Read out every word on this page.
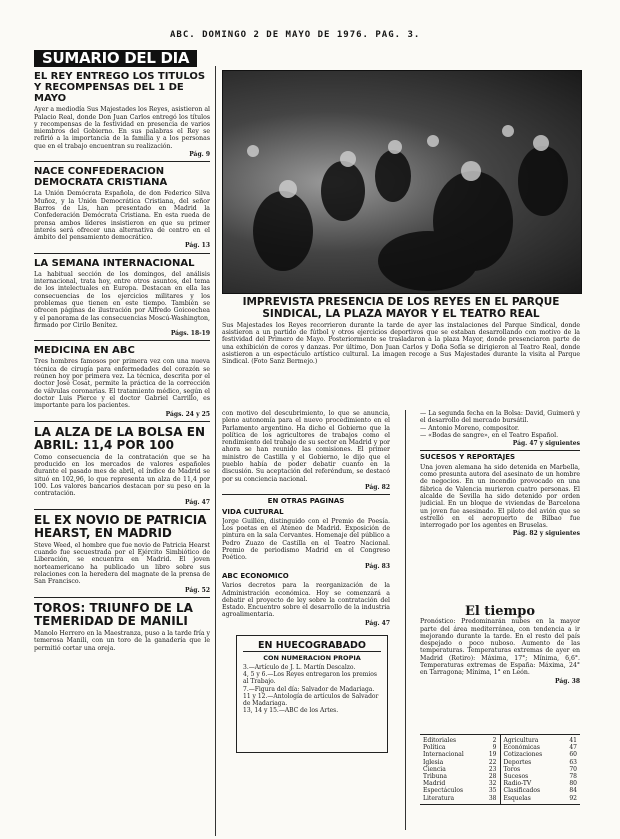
ABC. DOMINGO 2 DE MAYO DE 1976. PAG. 3.
SUMARIO DEL DIA
EL REY ENTREGO LOS TITULOS Y RECOMPENSAS DEL 1 DE MAYO

Ayer a mediodía Sus Majestades los Reyes, asistieron al Palacio Real, donde Don Juan Carlos entregó los títulos y recompensas de la festividad en presencia de varios miembros del Gobierno. En sus palabras el Rey se refirió a la importancia de la familia y a los personas que en el trabajo encuentran su realización.

Pág. 9
NACE CONFEDERACION DEMOCRATA CRISTIANA

La Unión Demócrata Española, de don Federico Silva Muñoz, y la Unión Democrática Cristiana, del señor Barros de Lis, han presentado en Madrid la Confederación Demócrata Cristiana. En esta rueda de prensa ambos líderes insistieron en que su primer interés será ofrecer una alternativa de centro en el ámbito del pensamiento democrático.

Pág. 13
LA SEMANA INTERNACIONAL

La habitual sección de los domingos, del análisis internacional, trata hoy, entre otros asuntos, del tema de los intelectuales en Europa. Destacan en ella las consecuencias de los ejercicios militares y los problemas que tienen en este tiempo. También se ofrecen páginas de ilustración por Alfredo Goicoechea y el panorama de las consecuencias Moscú-Washington, firmado por Cirilo Benítez.

Págs. 18-19
MEDICINA EN ABC

Tres hombres famosos por primera vez con una nueva técnica de cirugía para enfermedades del corazón se reúnen hoy por primera vez. La técnica, descrita por el doctor José Cosat, permite la práctica de la corrección de válvulas coronarias. El tratamiento médico, según el doctor Luis Pierce y el doctor Gabriel Carrillo, es importante para los pacientes.

Págs. 24 y 25
LA ALZA DE LA BOLSA EN ABRIL: 11,4 POR 100

Como consecuencia de la contratación que se ha producido en los mercados de valores españoles durante el pasado mes de abril, el índice de Madrid se situó en 102,96, lo que representa un alza de 11,4 por 100. Los valores bancarios destacan por su peso en la contratación.

Pág. 47
EL EX NOVIO DE PATRICIA HEARST, EN MADRID

Steve Weed, el hombre que fue novio de Patricia Hearst cuando fue secuestrada por el Ejército Simbiótico de Liberación, se encuentra en Madrid. El joven norteamericano ha publicado un libro sobre sus relaciones con la heredera del magnate de la prensa de San Francisco.

Pág. 52
TOROS: TRIUNFO DE LA TEMERIDAD DE MANILI

Manolo Herrero en la Maestranza, puso a la tarde fría y temerosa Manili, con un toro de la ganadería que le permitió cortar una oreja.

IMPREVISTA PRESENCIA DE LOS REYES EN EL PARQUE SINDICAL, LA PLAZA MAYOR Y EL TEATRO REAL
Sus Majestades los Reyes recorrieron durante la tarde de ayer las instalaciones del Parque Sindical, donde asistieron a un partido de fútbol y otros ejercicios deportivos que se estaban desarrollando con motivo de la festividad del Primero de Mayo. Posteriormente se trasladaron a la plaza Mayor, donde presenciaron parte de una exhibición de coros y danzas. Por último, Don Juan Carlos y Doña Sofía se dirigieron al Teatro Real, donde asistieron a un espectáculo artístico cultural. La imagen recoge a Sus Majestades durante la visita al Parque Sindical. (Foto Sanz Bermejo.)

con motivo del descubrimiento, lo que se anuncia, pleno autonomía para el nuevo procedimiento en el Parlamento argentino. Ha dicho el Gobierno que la política de los agricultores de trabajos como el rendimiento del trabajo de su sector en Madrid y por ahora se han reunido las comisiones. El primer ministro de Castilla y el Gobierno, le dijo que el pueblo había de poder debatir cuanto en la discusión. Su aceptación del referéndum, se destacó por su conciencia nacional.

Pág. 82
EN OTRAS PAGINAS
VIDA CULTURAL

Jorge Guillén, distinguido con el Premio de Poesía. Los poetas en el Ateneo de Madrid. Exposición de pintura en la sala Cervantes. Homenaje del público a Pedro Zuazo de Castilla en el Teatro Nacional. Premio de periodismo Madrid en el Congreso Poético.

Pág. 83
ABC ECONOMICO

Varios decretos para la reorganización de la Administración económica. Hoy se comenzará a debatir el proyecto de ley sobre la contratación del Estado. Encuentro sobre el desarrollo de la industria agroalimentaria.

Pág. 47
EN HUECOGRABADO
CON NUMERACION PROPIA

3.—Artículo de J. L. Martín Descalzo.

4, 5 y 6.—Los Reyes entregaron los premios al Trabajo.

7.—Figura del día: Salvador de Madariaga.

11 y 12.—Antología de artículos de Salvador de Madariaga.

13, 14 y 15.—ABC de los Artes.

— La segunda fecha en la Bolsa: David, Guimerà y el desarrollo del mercado bursátil.

— Antonio Moreno, compositor.

— «Bodas de sangre», en el Teatro Español.

Pág. 47 y siguientes
SUCESOS Y REPORTAJES

Una joven alemana ha sido detenida en Marbella, como presunta autora del asesinato de un hombre de negocios. En un incendio provocado en una fábrica de Valencia murieron cuatro personas. El alcalde de Sevilla ha sido detenido por orden judicial. En un bloque de viviendas de Barcelona un joven fue asesinado. El piloto del avión que se estrelló en el aeropuerto de Bilbao fue interrogado por los agentes en Bruselas.

Pág. 82 y siguientes
El tiempo

Pronóstico: Predominarán nubes en la mayor parte del área mediterránea, con tendencia a ir mejorando durante la tarde. En el resto del país despejado o poco nuboso. Aumento de las temperaturas. Temperaturas extremas de ayer en Madrid (Retiro): Máxima, 17°; Mínima, 6,6°. Temperaturas extremas de España: Máxima, 24° en Tarragona; Mínima, 1° en León.

Pág. 38
Editoriales	2
Política	9
Internacional	19
Iglesia	22
Ciencia	23
Tribuna	28
Madrid	32
Espectáculos	35
Literatura	38
Agricultura	41
Económicas	47
Cotizaciones	60
Deportes	63
Toros	70
Sucesos	78
Radio-TV	80
Clasificados	84
Esquelas	92
